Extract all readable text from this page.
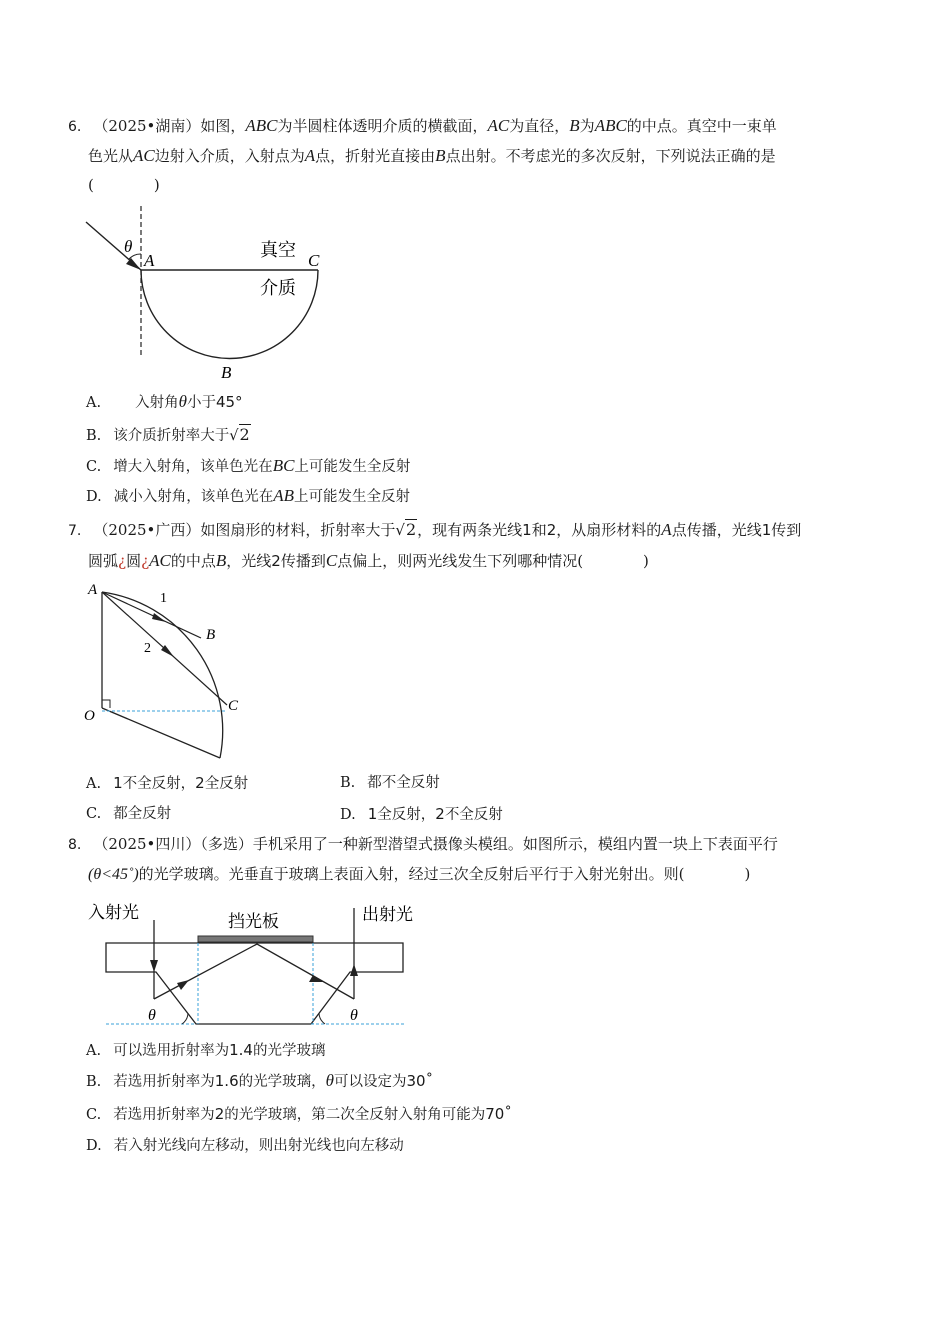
6. （2025•湖南）如图，ABC为半圆柱体透明介质的横截面，AC为直径，B为ABC的中点。真空中一束单
色光从AC边射入介质，入射点为A点，折射光直接由B点出射。不考虑光的多次反射，下列说法正确的是
(　　　　)
θ
A	C
B
真空
介质
A. 入射角θ小于45°
B. 该介质折射率大于√2
C. 增大入射角，该单色光在BC上可能发生全反射
D. 减小入射角，该单色光在AB上可能发生全反射
7. （2025•广西）如图扇形的材料，折射率大于√2，现有两条光线1和2，从扇形材料的A点传播，光线1传到
圆弧¿圆¿AC的中点B，光线2传播到C点偏上，则两光线发生下列哪种情况(　　　　)
A
O
B
C
1
2
A. 1不全反射，2全反射	B. 都不全反射
C. 都全反射	D. 1全反射，2不全反射
8. （2025•四川）（多选）手机采用了一种新型潜望式摄像头模组。如图所示，模组内置一块上下表面平行
(θ<45˚)的光学玻璃。光垂直于玻璃上表面入射，经过三次全反射后平行于入射光射出。则(　　　　)
入射光	出射光
挡光板
θ	θ
A. 可以选用折射率为1.4的光学玻璃
B. 若选用折射率为1.6的光学玻璃，θ可以设定为30˚
C. 若选用折射率为2的光学玻璃，第二次全反射入射角可能为70˚
D. 若入射光线向左移动，则出射光线也向左移动
